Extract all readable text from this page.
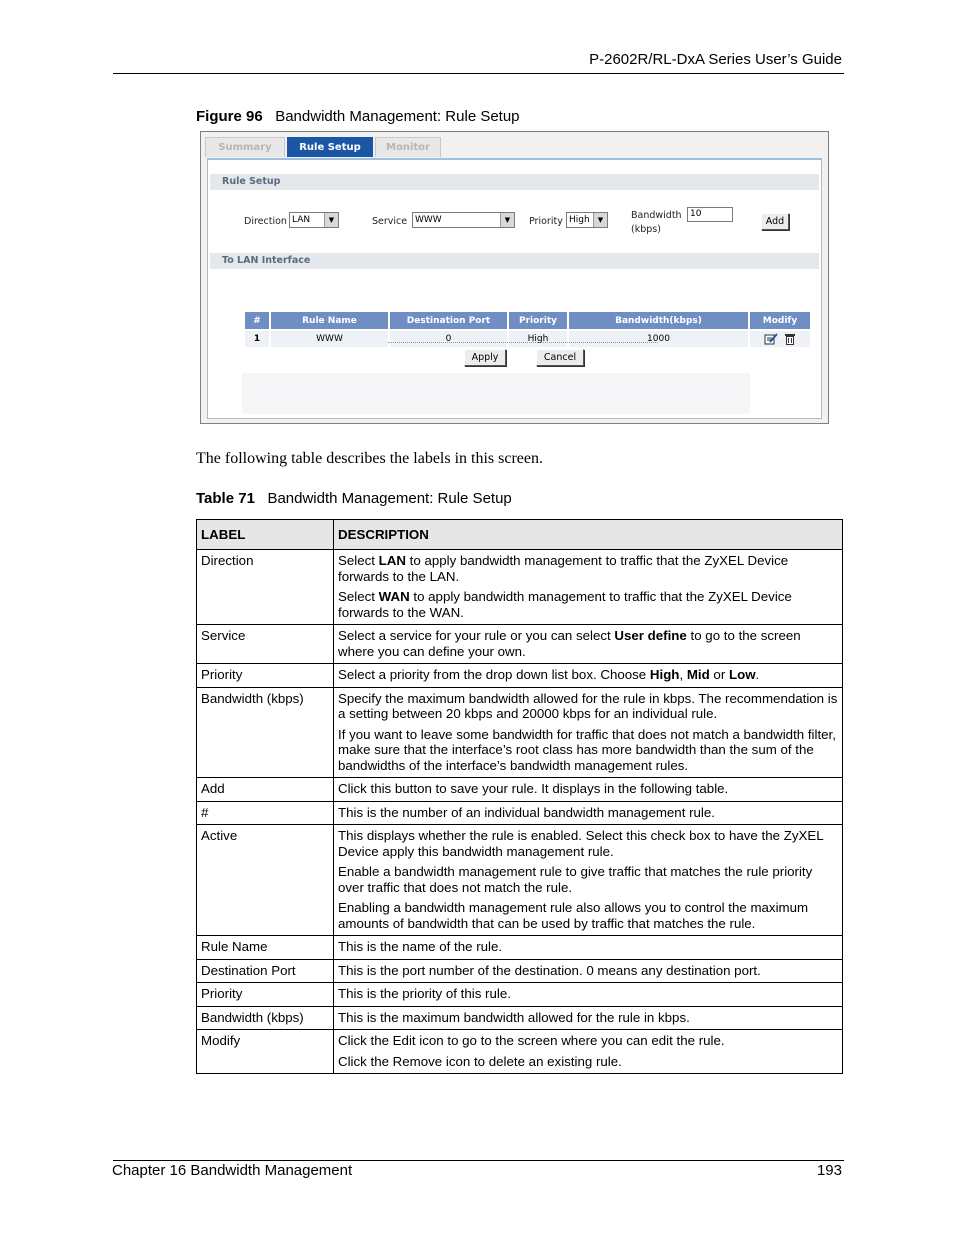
P-2602R/RL-DxA Series User’s Guide
Figure 96 Bandwidth Management: Rule Setup
Summary	Rule Setup	Monitor
Rule Setup
Direction LAN	▼	Service WWW	▼	Priority High	▼	Bandwidth
(kbps)
10
Add
To LAN Interface
#	Rule Name	Destination Port	Priority	Bandwidth(kbps)	Modify

1	WWW	0	High	1000	
Apply	Cancel
The following table describes the labels in this screen.
Table 71 Bandwidth Management: Rule Setup
LABEL	DESCRIPTION
Direction	Select LAN to apply bandwidth management to traffic that the ZyXEL Device forwards to the LAN.

Select WAN to apply bandwidth management to traffic that the ZyXEL Device forwards to the WAN.

Service	Select a service for your rule or you can select User define to go to the screen where you can define your own.

Priority	Select a priority from the drop down list box. Choose High, Mid or Low.

Bandwidth (kbps)	Specify the maximum bandwidth allowed for the rule in kbps. The recommendation is a setting between 20 kbps and 20000 kbps for an individual rule.

If you want to leave some bandwidth for traffic that does not match a bandwidth filter, make sure that the interface’s root class has more bandwidth than the sum of the bandwidths of the interface’s bandwidth management rules.

Add	Click this button to save your rule. It displays in the following table.

#	This is the number of an individual bandwidth management rule.

Active	This displays whether the rule is enabled. Select this check box to have the ZyXEL Device apply this bandwidth management rule.

Enable a bandwidth management rule to give traffic that matches the rule priority over traffic that does not match the rule.

Enabling a bandwidth management rule also allows you to control the maximum amounts of bandwidth that can be used by traffic that matches the rule.

Rule Name	This is the name of the rule.

Destination Port	This is the port number of the destination. 0 means any destination port.

Priority	This is the priority of this rule.

Bandwidth (kbps)	This is the maximum bandwidth allowed for the rule in kbps.

Modify	Click the Edit icon to go to the screen where you can edit the rule.

Click the Remove icon to delete an existing rule.

Chapter 16 Bandwidth Management	193
